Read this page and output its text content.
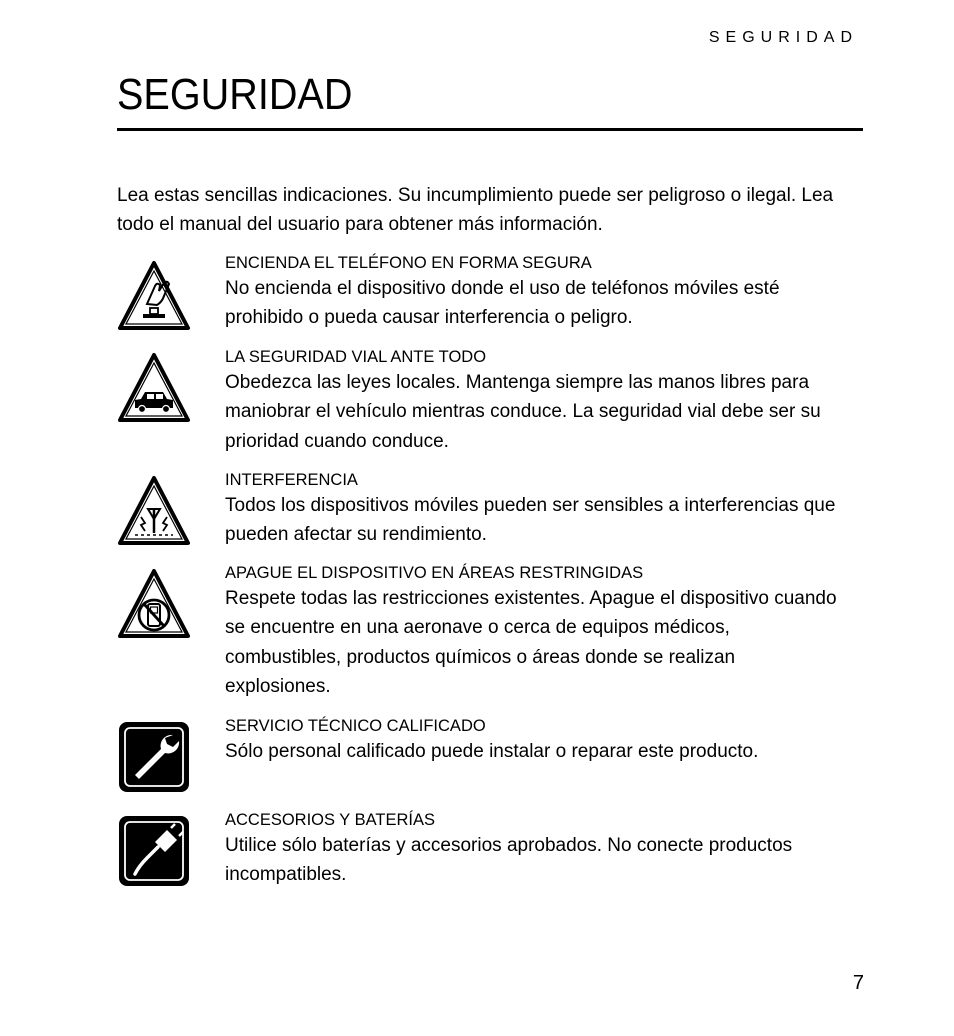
SEGURIDAD
SEGURIDAD

Lea estas sencillas indicaciones. Su incumplimiento puede ser peligroso o ilegal. Lea todo el manual del usuario para obtener más información.

ENCIENDA EL TELÉFONO EN FORMA SEGURA
No encienda el dispositivo donde el uso de teléfonos móviles esté prohibido o pueda causar interferencia o peligro.
LA SEGURIDAD VIAL ANTE TODO
Obedezca las leyes locales. Mantenga siempre las manos libres para maniobrar el vehículo mientras conduce. La seguridad vial debe ser su prioridad cuando conduce.
INTERFERENCIA
Todos los dispositivos móviles pueden ser sensibles a interferencias que pueden afectar su rendimiento.
APAGUE EL DISPOSITIVO EN ÁREAS RESTRINGIDAS
Respete todas las restricciones existentes. Apague el dispositivo cuando se encuentre en una aeronave o cerca de equipos médicos, combustibles, productos químicos o áreas donde se realizan explosiones.
SERVICIO TÉCNICO CALIFICADO
Sólo personal calificado puede instalar o reparar este producto.
ACCESORIOS Y BATERÍAS
Utilice sólo baterías y accesorios aprobados. No conecte productos incompatibles.
7
